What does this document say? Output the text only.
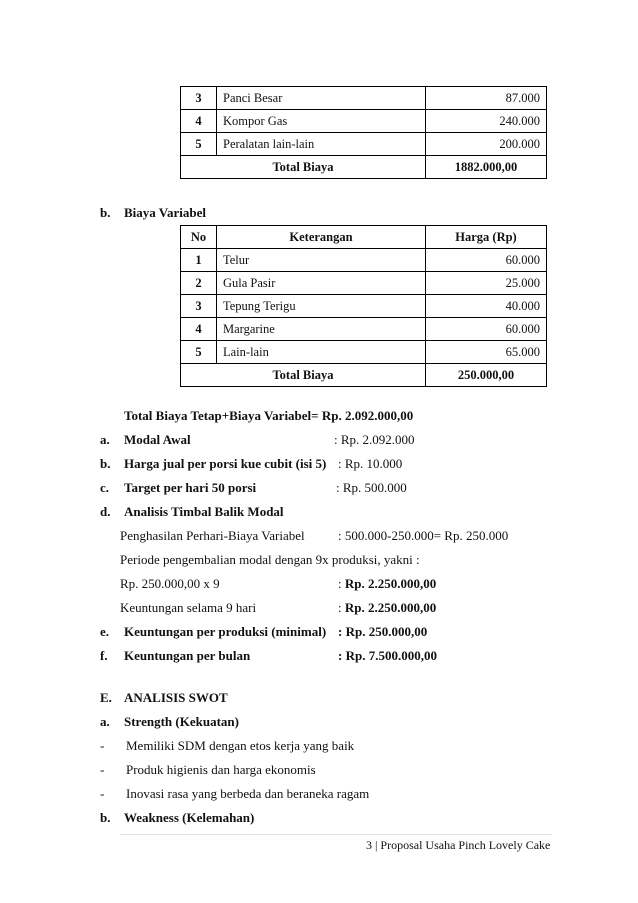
3	Panci Besar	87.000
4	Kompor Gas	240.000
5	Peralatan lain-lain	200.000
Total Biaya		1882.000,00
b. Biaya Variabel
No	Keterangan	Harga (Rp)
1	Telur	60.000
2	Gula Pasir	25.000
3	Tepung Terigu	40.000
4	Margarine	60.000
5	Lain-lain	65.000
Total Biaya		250.000,00
Total Biaya Tetap+Biaya Variabel= Rp. 2.092.000,00
a. Modal Awal	: Rp. 2.092.000
b. Harga jual per porsi kue cubit (isi 5) : Rp. 10.000
c. Target per hari 50 porsi	: Rp. 500.000
d. Analisis Timbal Balik Modal
Penghasilan Perhari-Biaya Variabel	: 500.000-250.000= Rp. 250.000
Periode pengembalian modal dengan 9x produksi, yakni :
Rp. 250.000,00 x 9	: Rp. 2.250.000,00
Keuntungan selama 9 hari	: Rp. 2.250.000,00
e. Keuntungan per produksi (minimal) : Rp. 250.000,00
f. Keuntungan per bulan	: Rp. 7.500.000,00
E. ANALISIS SWOT
a. Strength (Kekuatan)
- Memiliki SDM dengan etos kerja yang baik
- Produk higienis dan harga ekonomis
- Inovasi rasa yang berbeda dan beraneka ragam
b. Weakness (Kelemahan)
3 | Proposal Usaha Pinch Lovely Cake
